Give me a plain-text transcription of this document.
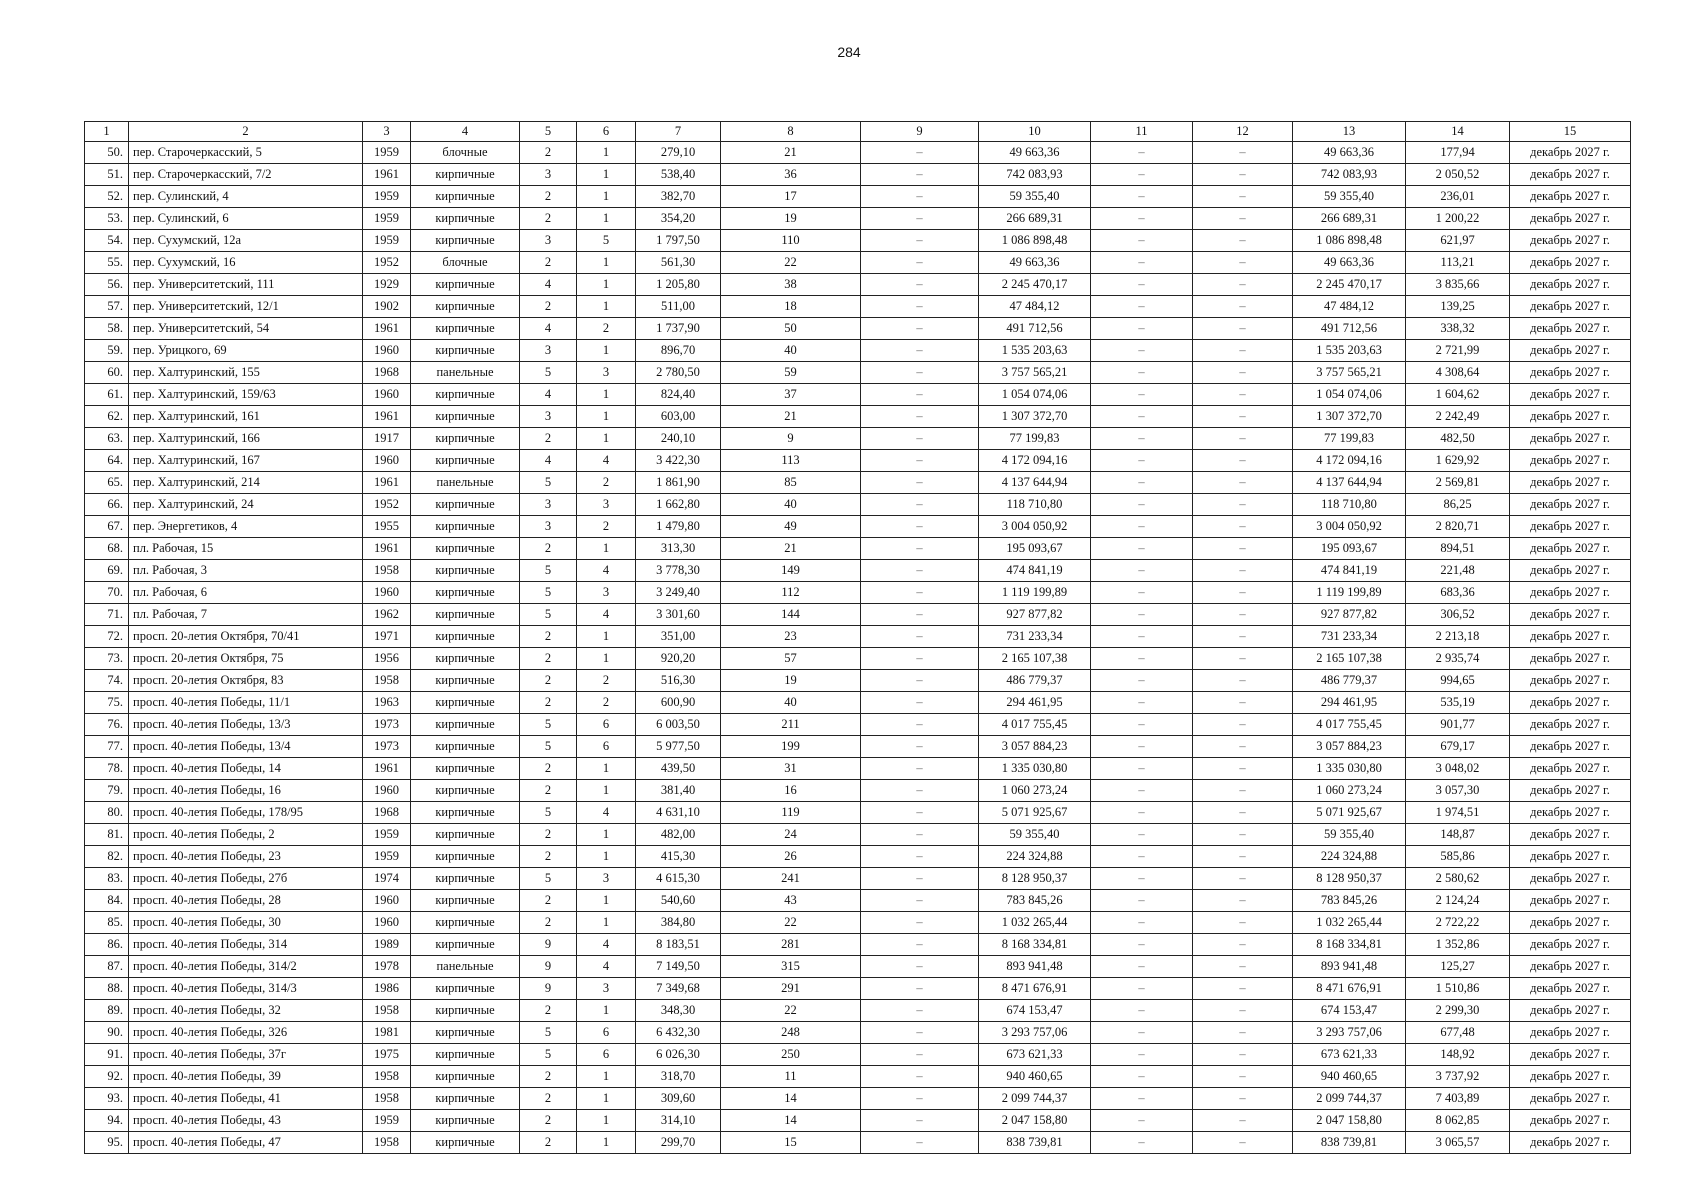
284
1	2	3	4	5	6	7	8	9	10	11	12	13	14	15
50.	пер. Старочеркасский, 5	1959	блочные	2	1	279,10	21	–	49 663,36	–	–	49 663,36	177,94	декабрь 2027 г.
51.	пер. Старочеркасский, 7/2	1961	кирпичные	3	1	538,40	36	–	742 083,93	–	–	742 083,93	2 050,52	декабрь 2027 г.
52.	пер. Сулинский, 4	1959	кирпичные	2	1	382,70	17	–	59 355,40	–	–	59 355,40	236,01	декабрь 2027 г.
53.	пер. Сулинский, 6	1959	кирпичные	2	1	354,20	19	–	266 689,31	–	–	266 689,31	1 200,22	декабрь 2027 г.
54.	пер. Сухумский, 12а	1959	кирпичные	3	5	1 797,50	110	–	1 086 898,48	–	–	1 086 898,48	621,97	декабрь 2027 г.
55.	пер. Сухумский, 16	1952	блочные	2	1	561,30	22	–	49 663,36	–	–	49 663,36	113,21	декабрь 2027 г.
56.	пер. Университетский, 111	1929	кирпичные	4	1	1 205,80	38	–	2 245 470,17	–	–	2 245 470,17	3 835,66	декабрь 2027 г.
57.	пер. Университетский, 12/1	1902	кирпичные	2	1	511,00	18	–	47 484,12	–	–	47 484,12	139,25	декабрь 2027 г.
58.	пер. Университетский, 54	1961	кирпичные	4	2	1 737,90	50	–	491 712,56	–	–	491 712,56	338,32	декабрь 2027 г.
59.	пер. Урицкого, 69	1960	кирпичные	3	1	896,70	40	–	1 535 203,63	–	–	1 535 203,63	2 721,99	декабрь 2027 г.
60.	пер. Халтуринский, 155	1968	панельные	5	3	2 780,50	59	–	3 757 565,21	–	–	3 757 565,21	4 308,64	декабрь 2027 г.
61.	пер. Халтуринский, 159/63	1960	кирпичные	4	1	824,40	37	–	1 054 074,06	–	–	1 054 074,06	1 604,62	декабрь 2027 г.
62.	пер. Халтуринский, 161	1961	кирпичные	3	1	603,00	21	–	1 307 372,70	–	–	1 307 372,70	2 242,49	декабрь 2027 г.
63.	пер. Халтуринский, 166	1917	кирпичные	2	1	240,10	9	–	77 199,83	–	–	77 199,83	482,50	декабрь 2027 г.
64.	пер. Халтуринский, 167	1960	кирпичные	4	4	3 422,30	113	–	4 172 094,16	–	–	4 172 094,16	1 629,92	декабрь 2027 г.
65.	пер. Халтуринский, 214	1961	панельные	5	2	1 861,90	85	–	4 137 644,94	–	–	4 137 644,94	2 569,81	декабрь 2027 г.
66.	пер. Халтуринский, 24	1952	кирпичные	3	3	1 662,80	40	–	118 710,80	–	–	118 710,80	86,25	декабрь 2027 г.
67.	пер. Энергетиков, 4	1955	кирпичные	3	2	1 479,80	49	–	3 004 050,92	–	–	3 004 050,92	2 820,71	декабрь 2027 г.
68.	пл. Рабочая, 15	1961	кирпичные	2	1	313,30	21	–	195 093,67	–	–	195 093,67	894,51	декабрь 2027 г.
69.	пл. Рабочая, 3	1958	кирпичные	5	4	3 778,30	149	–	474 841,19	–	–	474 841,19	221,48	декабрь 2027 г.
70.	пл. Рабочая, 6	1960	кирпичные	5	3	3 249,40	112	–	1 119 199,89	–	–	1 119 199,89	683,36	декабрь 2027 г.
71.	пл. Рабочая, 7	1962	кирпичные	5	4	3 301,60	144	–	927 877,82	–	–	927 877,82	306,52	декабрь 2027 г.
72.	просп. 20-летия Октября, 70/41	1971	кирпичные	2	1	351,00	23	–	731 233,34	–	–	731 233,34	2 213,18	декабрь 2027 г.
73.	просп. 20-летия Октября, 75	1956	кирпичные	2	1	920,20	57	–	2 165 107,38	–	–	2 165 107,38	2 935,74	декабрь 2027 г.
74.	просп. 20-летия Октября, 83	1958	кирпичные	2	2	516,30	19	–	486 779,37	–	–	486 779,37	994,65	декабрь 2027 г.
75.	просп. 40-летия Победы, 11/1	1963	кирпичные	2	2	600,90	40	–	294 461,95	–	–	294 461,95	535,19	декабрь 2027 г.
76.	просп. 40-летия Победы, 13/3	1973	кирпичные	5	6	6 003,50	211	–	4 017 755,45	–	–	4 017 755,45	901,77	декабрь 2027 г.
77.	просп. 40-летия Победы, 13/4	1973	кирпичные	5	6	5 977,50	199	–	3 057 884,23	–	–	3 057 884,23	679,17	декабрь 2027 г.
78.	просп. 40-летия Победы, 14	1961	кирпичные	2	1	439,50	31	–	1 335 030,80	–	–	1 335 030,80	3 048,02	декабрь 2027 г.
79.	просп. 40-летия Победы, 16	1960	кирпичные	2	1	381,40	16	–	1 060 273,24	–	–	1 060 273,24	3 057,30	декабрь 2027 г.
80.	просп. 40-летия Победы, 178/95	1968	кирпичные	5	4	4 631,10	119	–	5 071 925,67	–	–	5 071 925,67	1 974,51	декабрь 2027 г.
81.	просп. 40-летия Победы, 2	1959	кирпичные	2	1	482,00	24	–	59 355,40	–	–	59 355,40	148,87	декабрь 2027 г.
82.	просп. 40-летия Победы, 23	1959	кирпичные	2	1	415,30	26	–	224 324,88	–	–	224 324,88	585,86	декабрь 2027 г.
83.	просп. 40-летия Победы, 27б	1974	кирпичные	5	3	4 615,30	241	–	8 128 950,37	–	–	8 128 950,37	2 580,62	декабрь 2027 г.
84.	просп. 40-летия Победы, 28	1960	кирпичные	2	1	540,60	43	–	783 845,26	–	–	783 845,26	2 124,24	декабрь 2027 г.
85.	просп. 40-летия Победы, 30	1960	кирпичные	2	1	384,80	22	–	1 032 265,44	–	–	1 032 265,44	2 722,22	декабрь 2027 г.
86.	просп. 40-летия Победы, 314	1989	кирпичные	9	4	8 183,51	281	–	8 168 334,81	–	–	8 168 334,81	1 352,86	декабрь 2027 г.
87.	просп. 40-летия Победы, 314/2	1978	панельные	9	4	7 149,50	315	–	893 941,48	–	–	893 941,48	125,27	декабрь 2027 г.
88.	просп. 40-летия Победы, 314/3	1986	кирпичные	9	3	7 349,68	291	–	8 471 676,91	–	–	8 471 676,91	1 510,86	декабрь 2027 г.
89.	просп. 40-летия Победы, 32	1958	кирпичные	2	1	348,30	22	–	674 153,47	–	–	674 153,47	2 299,30	декабрь 2027 г.
90.	просп. 40-летия Победы, 326	1981	кирпичные	5	6	6 432,30	248	–	3 293 757,06	–	–	3 293 757,06	677,48	декабрь 2027 г.
91.	просп. 40-летия Победы, 37г	1975	кирпичные	5	6	6 026,30	250	–	673 621,33	–	–	673 621,33	148,92	декабрь 2027 г.
92.	просп. 40-летия Победы, 39	1958	кирпичные	2	1	318,70	11	–	940 460,65	–	–	940 460,65	3 737,92	декабрь 2027 г.
93.	просп. 40-летия Победы, 41	1958	кирпичные	2	1	309,60	14	–	2 099 744,37	–	–	2 099 744,37	7 403,89	декабрь 2027 г.
94.	просп. 40-летия Победы, 43	1959	кирпичные	2	1	314,10	14	–	2 047 158,80	–	–	2 047 158,80	8 062,85	декабрь 2027 г.
95.	просп. 40-летия Победы, 47	1958	кирпичные	2	1	299,70	15	–	838 739,81	–	–	838 739,81	3 065,57	декабрь 2027 г.
